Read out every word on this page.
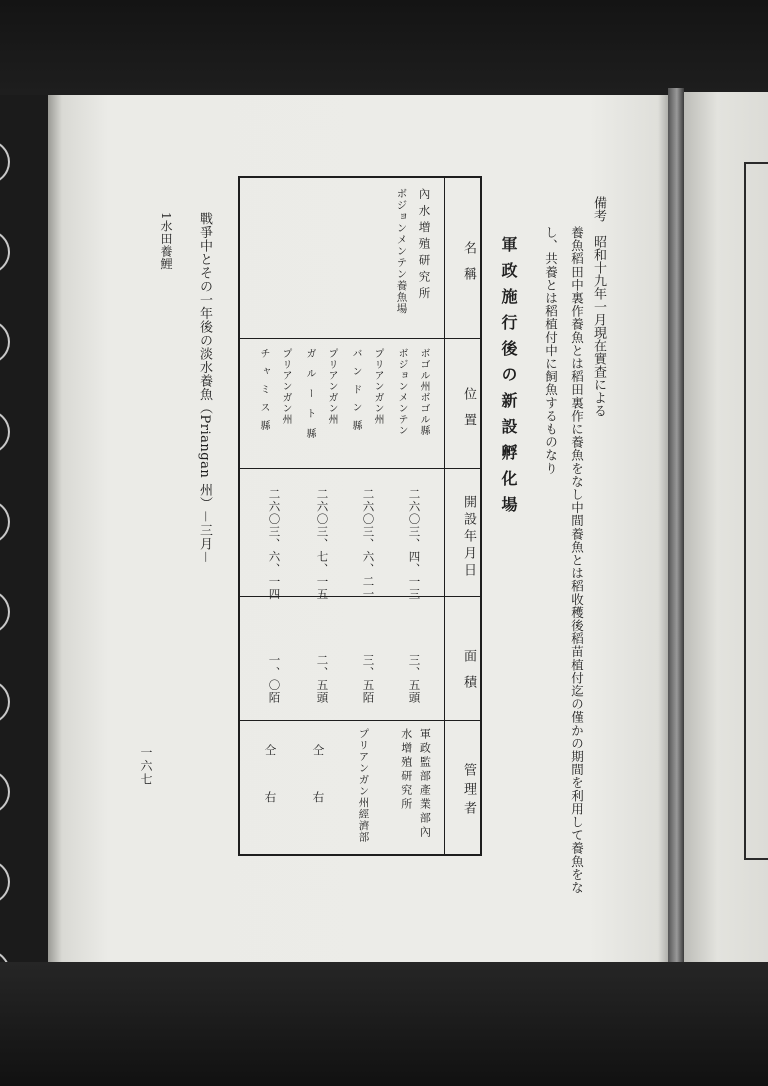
備考　昭和十九年一月現在實査による
養魚稻田中裏作養魚とは稻田裏作に養魚をなし中間養魚とは稻收穫後稻苗植付迄の僅かの期間を利用して養魚をな
し、共養とは稻植付中に飼魚するものなり
軍政施行後の新設孵化場
名　稱
位　置
開設年月日
面　積
管理者
內水増殖研究所
ボジョンメンテン養魚場
ボゴル州ボゴル縣
ボジョンメンテン
プリアンガン州
バンドン縣
プリアンガン州
ガルート縣
プリアンガン州
チャミス縣
二六〇三、四、一三
二六〇三、六、二一
二六〇三、七、一五
二六〇三、六、一四
三、五頭
三、五陌
二、五頭
一、〇陌
軍政監部產業部內水增殖研究所
プリアンガン州經濟部
仝　右
仝　右
戰爭中とその一年後の淡水養魚（Priangan 州）－三月－
1水田養鯉
一六七
